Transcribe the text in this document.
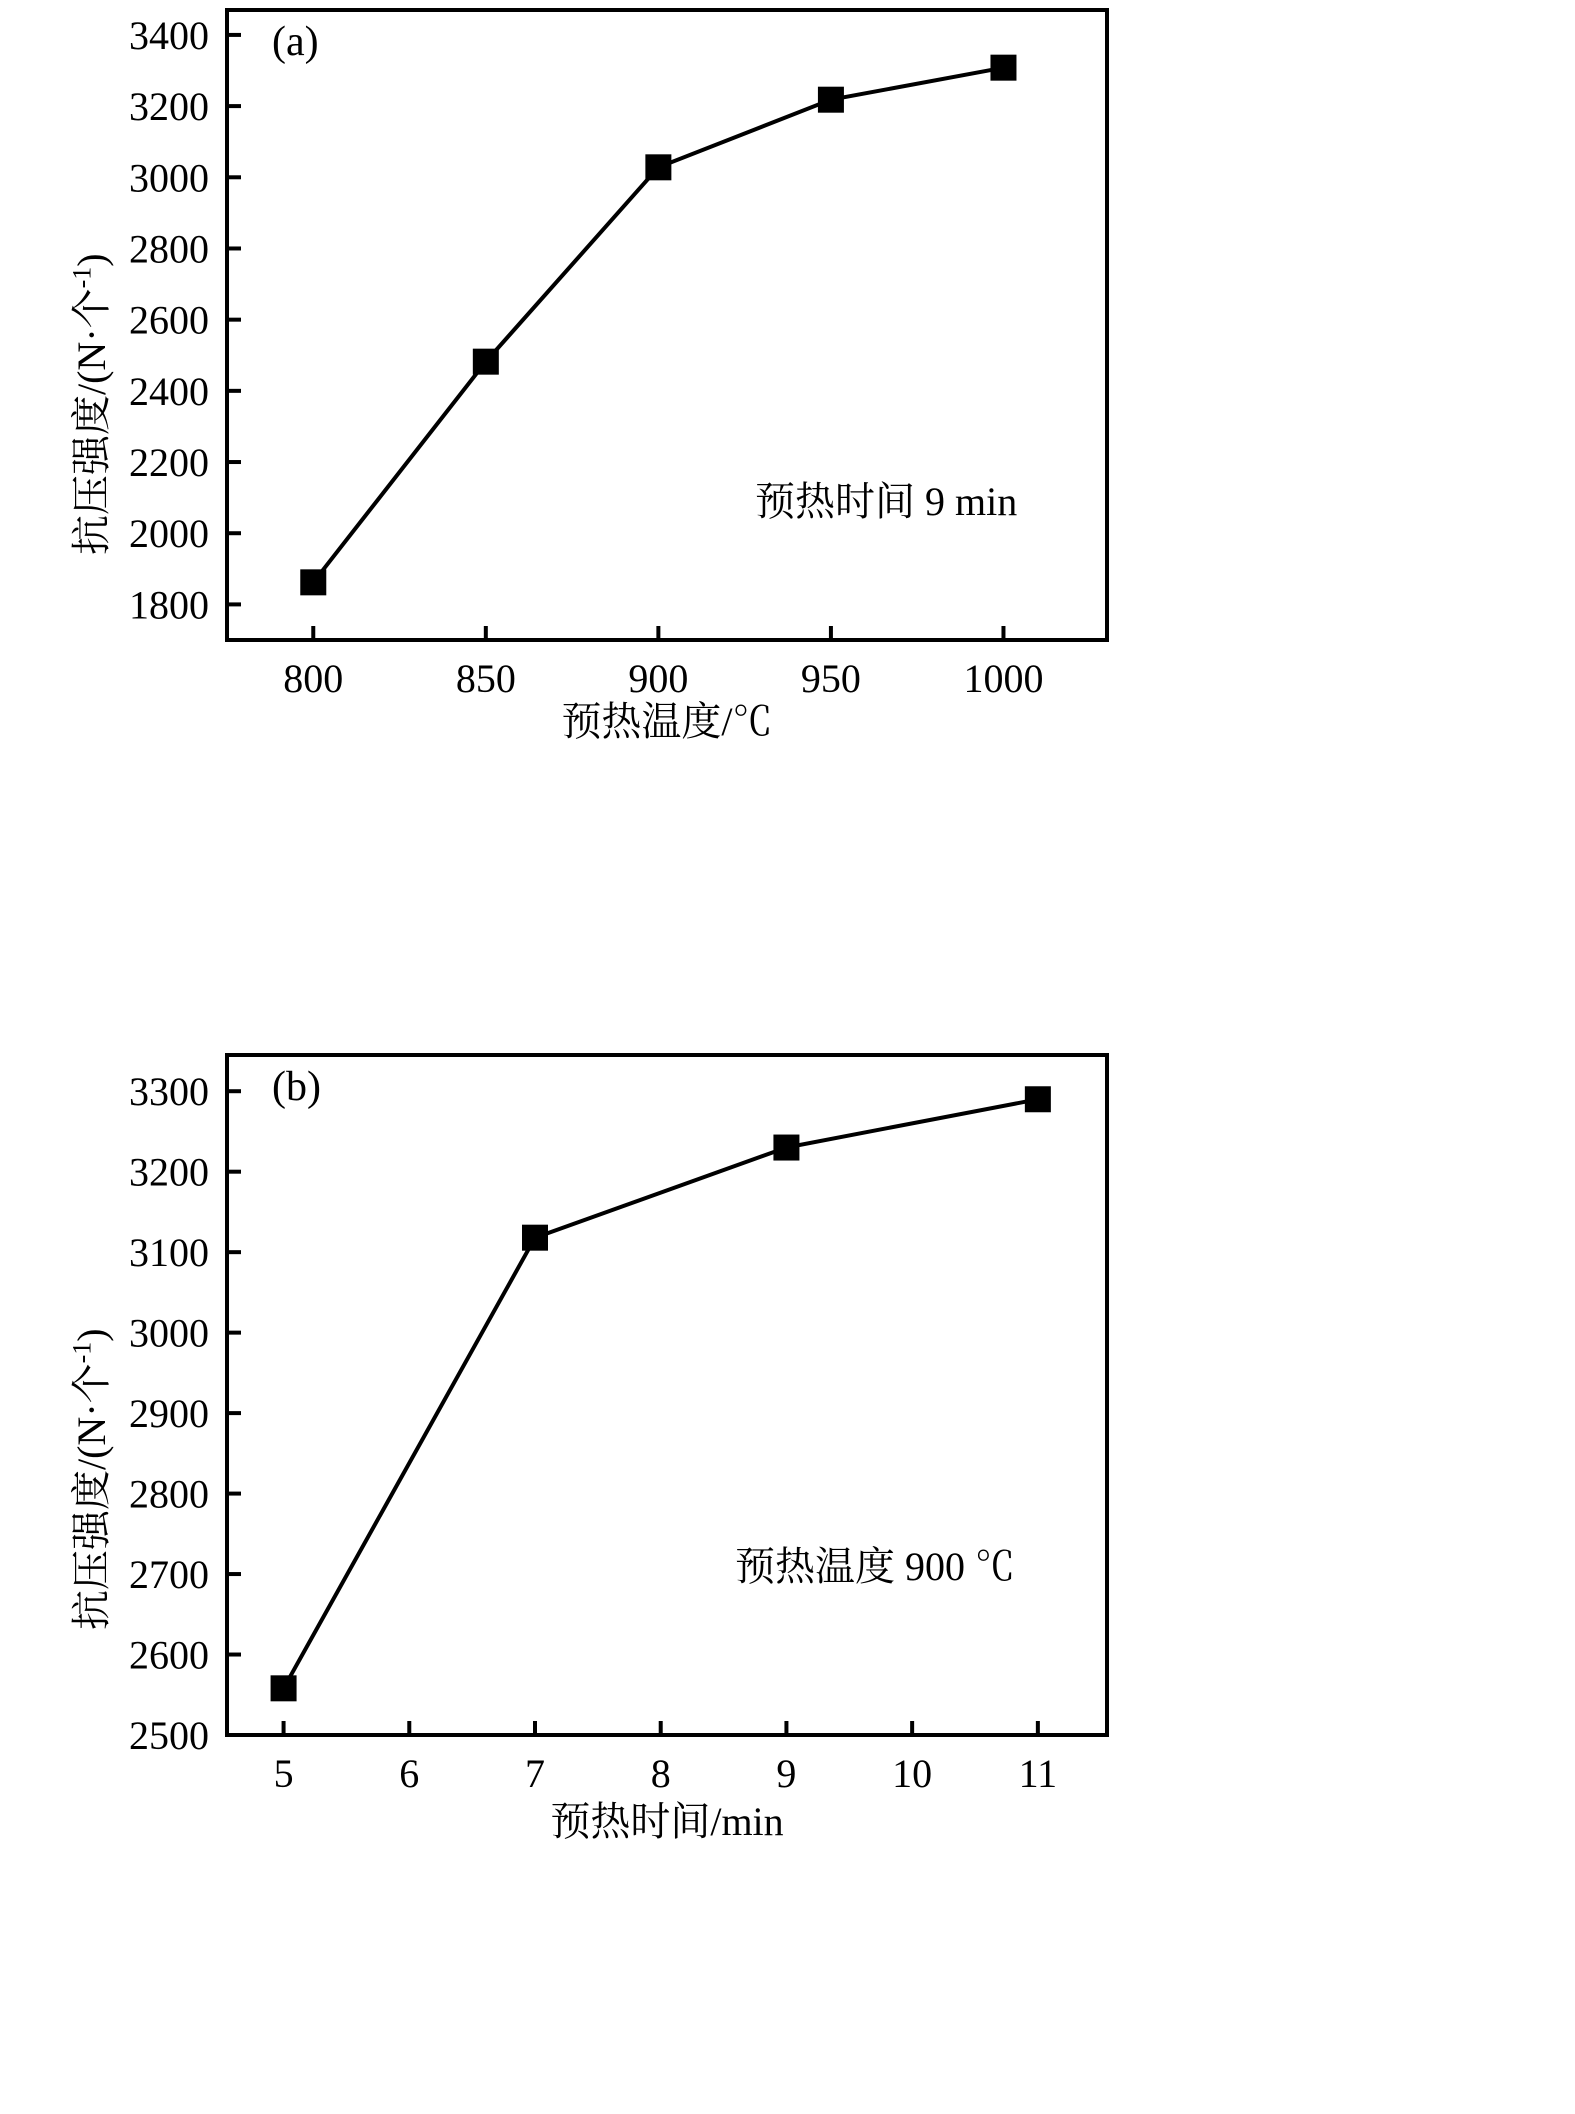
800	850	900	950	1000
1800
2000
2200
2400
2600
2800
3000
3200
3400 (a)
预热时间 9 min
抗压强度/(N·个$^{-1}$)
预热温度/℃
5	6	7	8	9 10 11
2500
2600
2700
2800
2900
3000
3100
3200
3300 (b)
预热温度 900 ℃
抗压强度/(N·个$^{-1}$)
预热时间/min
